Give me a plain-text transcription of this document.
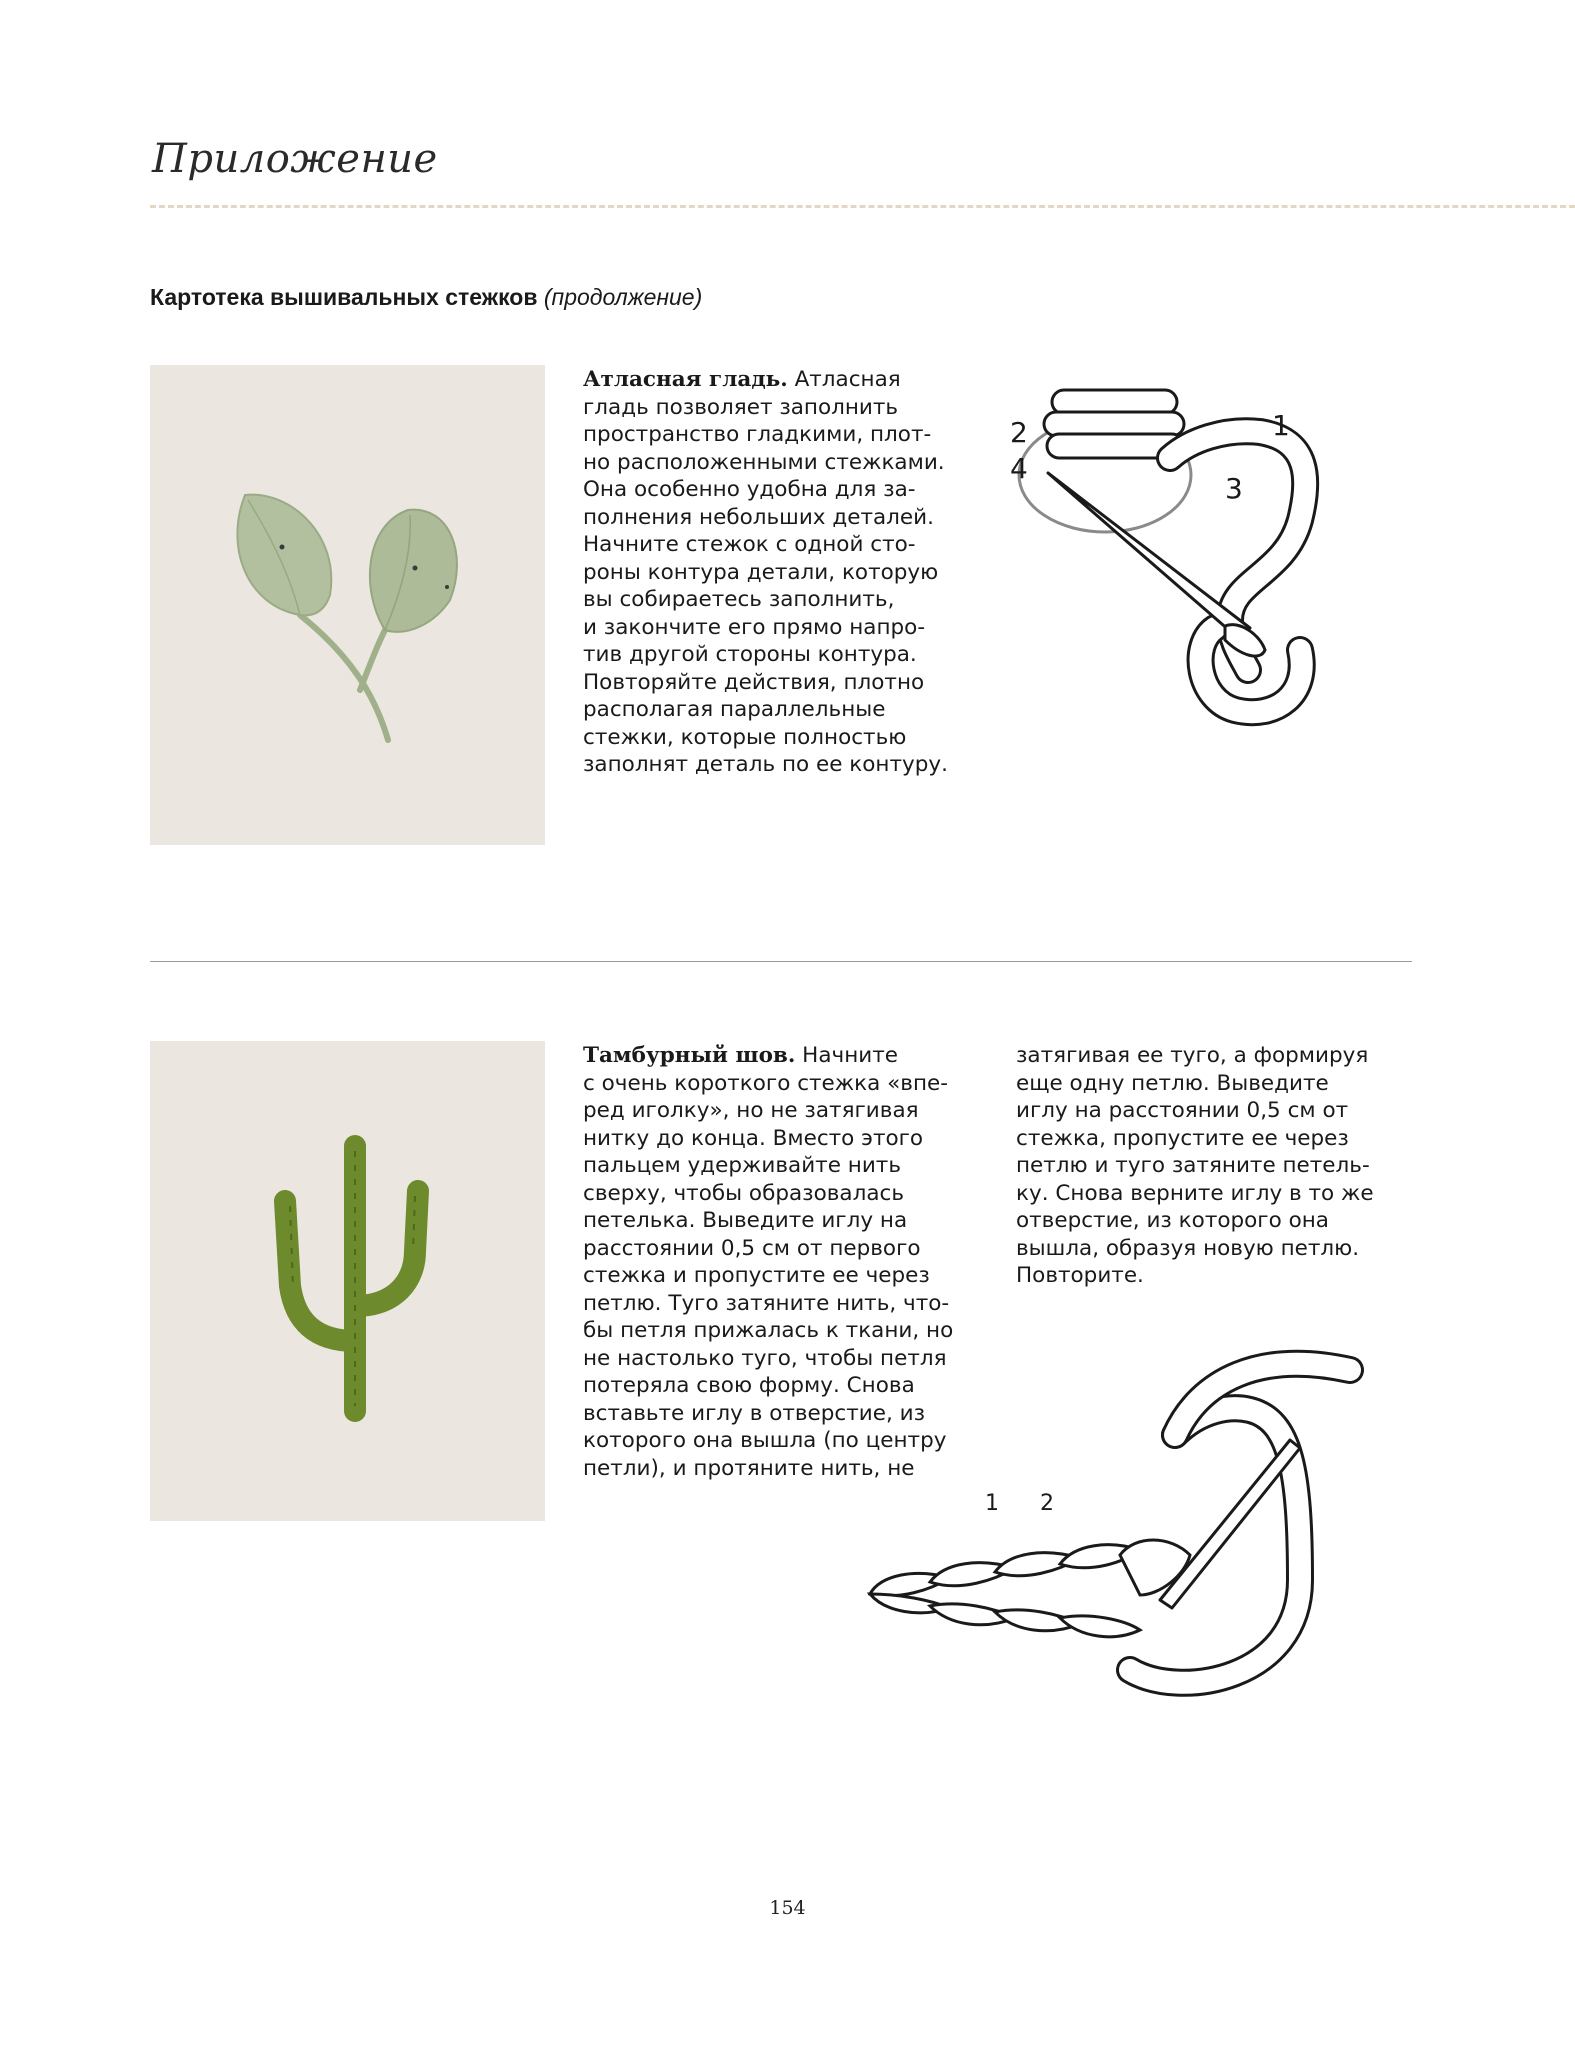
Приложение
Картотека вышивальных стежков (продолжение)
Атласная гладь. Атласная
гладь позволяет заполнить
пространство гладкими, плот-
но расположенными стежками.
Она особенно удобна для за-
полнения небольших деталей.
Начните стежок с одной сто-
роны контура детали, которую
вы собираетесь заполнить,
и закончите его прямо напро-
тив другой стороны контура.
Повторяйте действия, плотно
располагая параллельные
стежки, которые полностью
заполнят деталь по ее контуру.
2
4
1
3
Тамбурный шов. Начните
с очень короткого стежка «впе-
ред иголку», но не затягивая
нитку до конца. Вместо этого
пальцем удерживайте нить
сверху, чтобы образовалась
петелька. Выведите иглу на
расстоянии 0,5 см от первого
стежка и пропустите ее через
петлю. Туго затяните нить, что-
бы петля прижалась к ткани, но
не настолько туго, чтобы петля
потеряла свою форму. Снова
вставьте иглу в отверстие, из
которого она вышла (по центру
петли), и протяните нить, не
затягивая ее туго, а формируя
еще одну петлю. Выведите
иглу на расстоянии 0,5 см от
стежка, пропустите ее через
петлю и туго затяните петель-
ку. Снова верните иглу в то же
отверстие, из которого она
вышла, образуя новую петлю.
Повторите.
1 2
154
